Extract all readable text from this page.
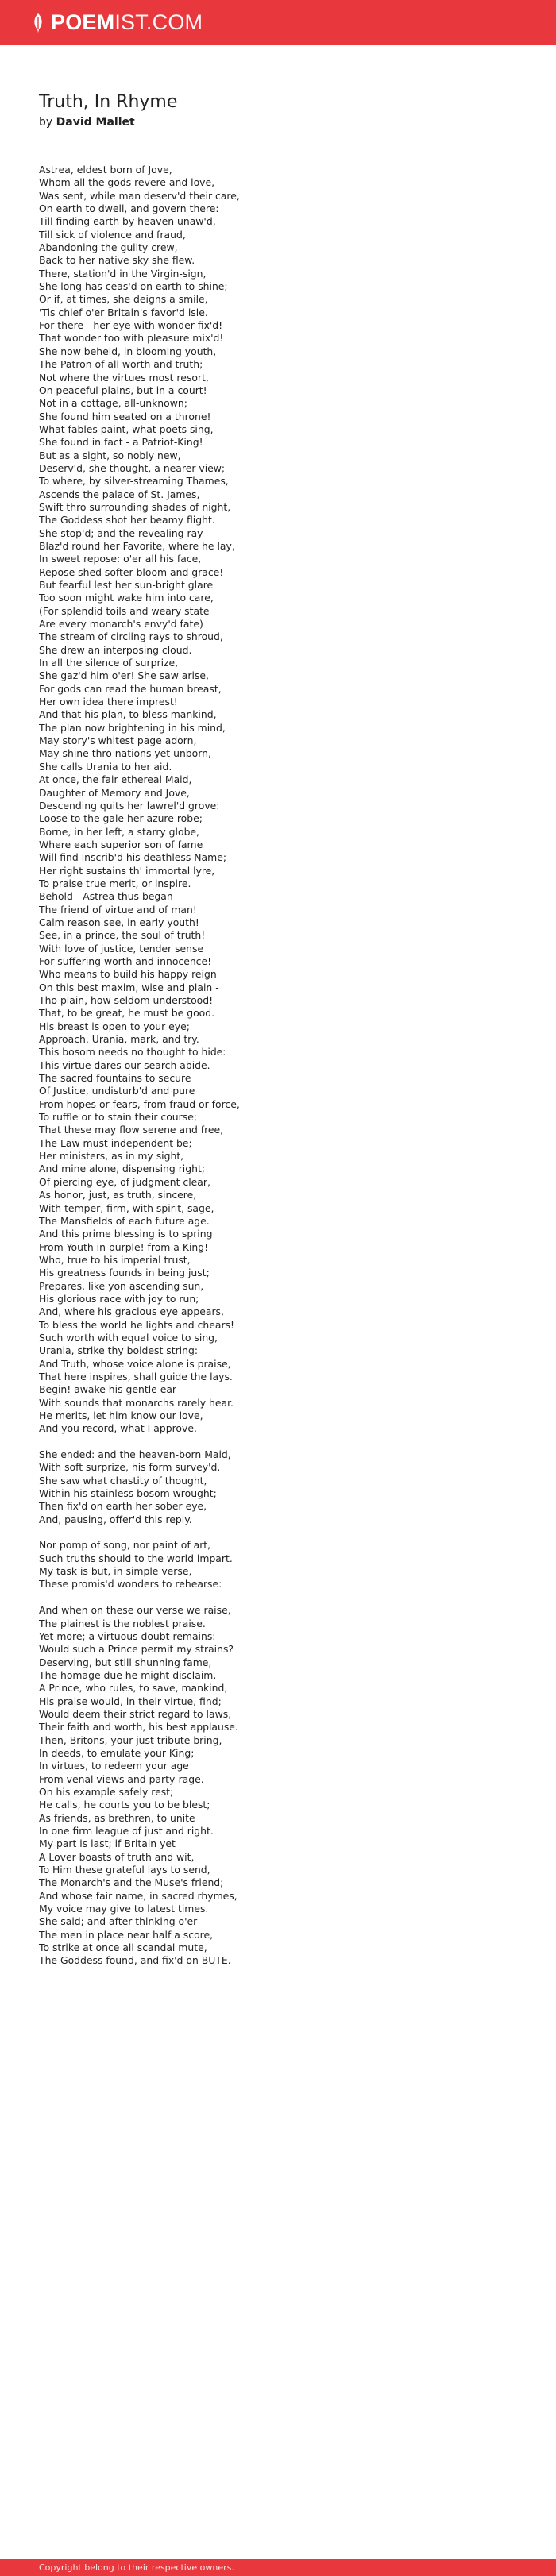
POEMIST.COM
Truth, In Rhyme
by David Mallet

Astrea, eldest born of Jove,
Whom all the gods revere and love,
Was sent, while man deserv'd their care,
On earth to dwell, and govern there:
Till finding earth by heaven unaw'd,
Till sick of violence and fraud,
Abandoning the guilty crew,
Back to her native sky she flew.
There, station'd in the Virgin-sign,
She long has ceas'd on earth to shine;
Or if, at times, she deigns a smile,
'Tis chief o'er Britain's favor'd isle.
For there - her eye with wonder fix'd!
That wonder too with pleasure mix'd!
She now beheld, in blooming youth,
The Patron of all worth and truth;
Not where the virtues most resort,
On peaceful plains, but in a court!
Not in a cottage, all-unknown;
She found him seated on a throne!
What fables paint, what poets sing,
She found in fact - a Patriot-King!
But as a sight, so nobly new,
Deserv'd, she thought, a nearer view;
To where, by silver-streaming Thames,
Ascends the palace of St. James,
Swift thro surrounding shades of night,
The Goddess shot her beamy flight.
She stop'd; and the revealing ray
Blaz'd round her Favorite, where he lay,
In sweet repose: o'er all his face,
Repose shed softer bloom and grace!
But fearful lest her sun-bright glare
Too soon might wake him into care,
(For splendid toils and weary state
Are every monarch's envy'd fate)
The stream of circling rays to shroud,
She drew an interposing cloud.
In all the silence of surprize,
She gaz'd him o'er! She saw arise,
For gods can read the human breast,
Her own idea there imprest!
And that his plan, to bless mankind,
The plan now brightening in his mind,
May story's whitest page adorn,
May shine thro nations yet unborn,
She calls Urania to her aid.
At once, the fair ethereal Maid,
Daughter of Memory and Jove,
Descending quits her lawrel'd grove:
Loose to the gale her azure robe;
Borne, in her left, a starry globe,
Where each superior son of fame
Will find inscrib'd his deathless Name;
Her right sustains th' immortal lyre,
To praise true merit, or inspire.
Behold - Astrea thus began -
The friend of virtue and of man!
Calm reason see, in early youth!
See, in a prince, the soul of truth!
With love of justice, tender sense
For suffering worth and innocence!
Who means to build his happy reign
On this best maxim, wise and plain -
Tho plain, how seldom understood!
That, to be great, he must be good.
His breast is open to your eye;
Approach, Urania, mark, and try.
This bosom needs no thought to hide:
This virtue dares our search abide.
The sacred fountains to secure
Of Justice, undisturb'd and pure
From hopes or fears, from fraud or force,
To ruffle or to stain their course;
That these may flow serene and free,
The Law must independent be;
Her ministers, as in my sight,
And mine alone, dispensing right;
Of piercing eye, of judgment clear,
As honor, just, as truth, sincere,
With temper, firm, with spirit, sage,
The Mansfields of each future age.
And this prime blessing is to spring
From Youth in purple! from a King!
Who, true to his imperial trust,
His greatness founds in being just;
Prepares, like yon ascending sun,
His glorious race with joy to run;
And, where his gracious eye appears,
To bless the world he lights and chears!
Such worth with equal voice to sing,
Urania, strike thy boldest string:
And Truth, whose voice alone is praise,
That here inspires, shall guide the lays.
Begin! awake his gentle ear
With sounds that monarchs rarely hear.
He merits, let him know our love,
And you record, what I approve.

She ended: and the heaven-born Maid,
With soft surprize, his form survey'd.
She saw what chastity of thought,
Within his stainless bosom wrought;
Then fix'd on earth her sober eye,
And, pausing, offer'd this reply.

Nor pomp of song, nor paint of art,
Such truths should to the world impart.
My task is but, in simple verse,
These promis'd wonders to rehearse:

And when on these our verse we raise,
The plainest is the noblest praise.
Yet more; a virtuous doubt remains:
Would such a Prince permit my strains?
Deserving, but still shunning fame,
The homage due he might disclaim.
A Prince, who rules, to save, mankind,
His praise would, in their virtue, find;
Would deem their strict regard to laws,
Their faith and worth, his best applause.
Then, Britons, your just tribute bring,
In deeds, to emulate your King;
In virtues, to redeem your age
From venal views and party-rage.
On his example safely rest;
He calls, he courts you to be blest;
As friends, as brethren, to unite
In one firm league of just and right.
My part is last; if Britain yet
A Lover boasts of truth and wit,
To Him these grateful lays to send,
The Monarch's and the Muse's friend;
And whose fair name, in sacred rhymes,
My voice may give to latest times.
She said; and after thinking o'er
The men in place near half a score,
To strike at once all scandal mute,
The Goddess found, and fix'd on BUTE.

Copyright belong to their respective owners.
